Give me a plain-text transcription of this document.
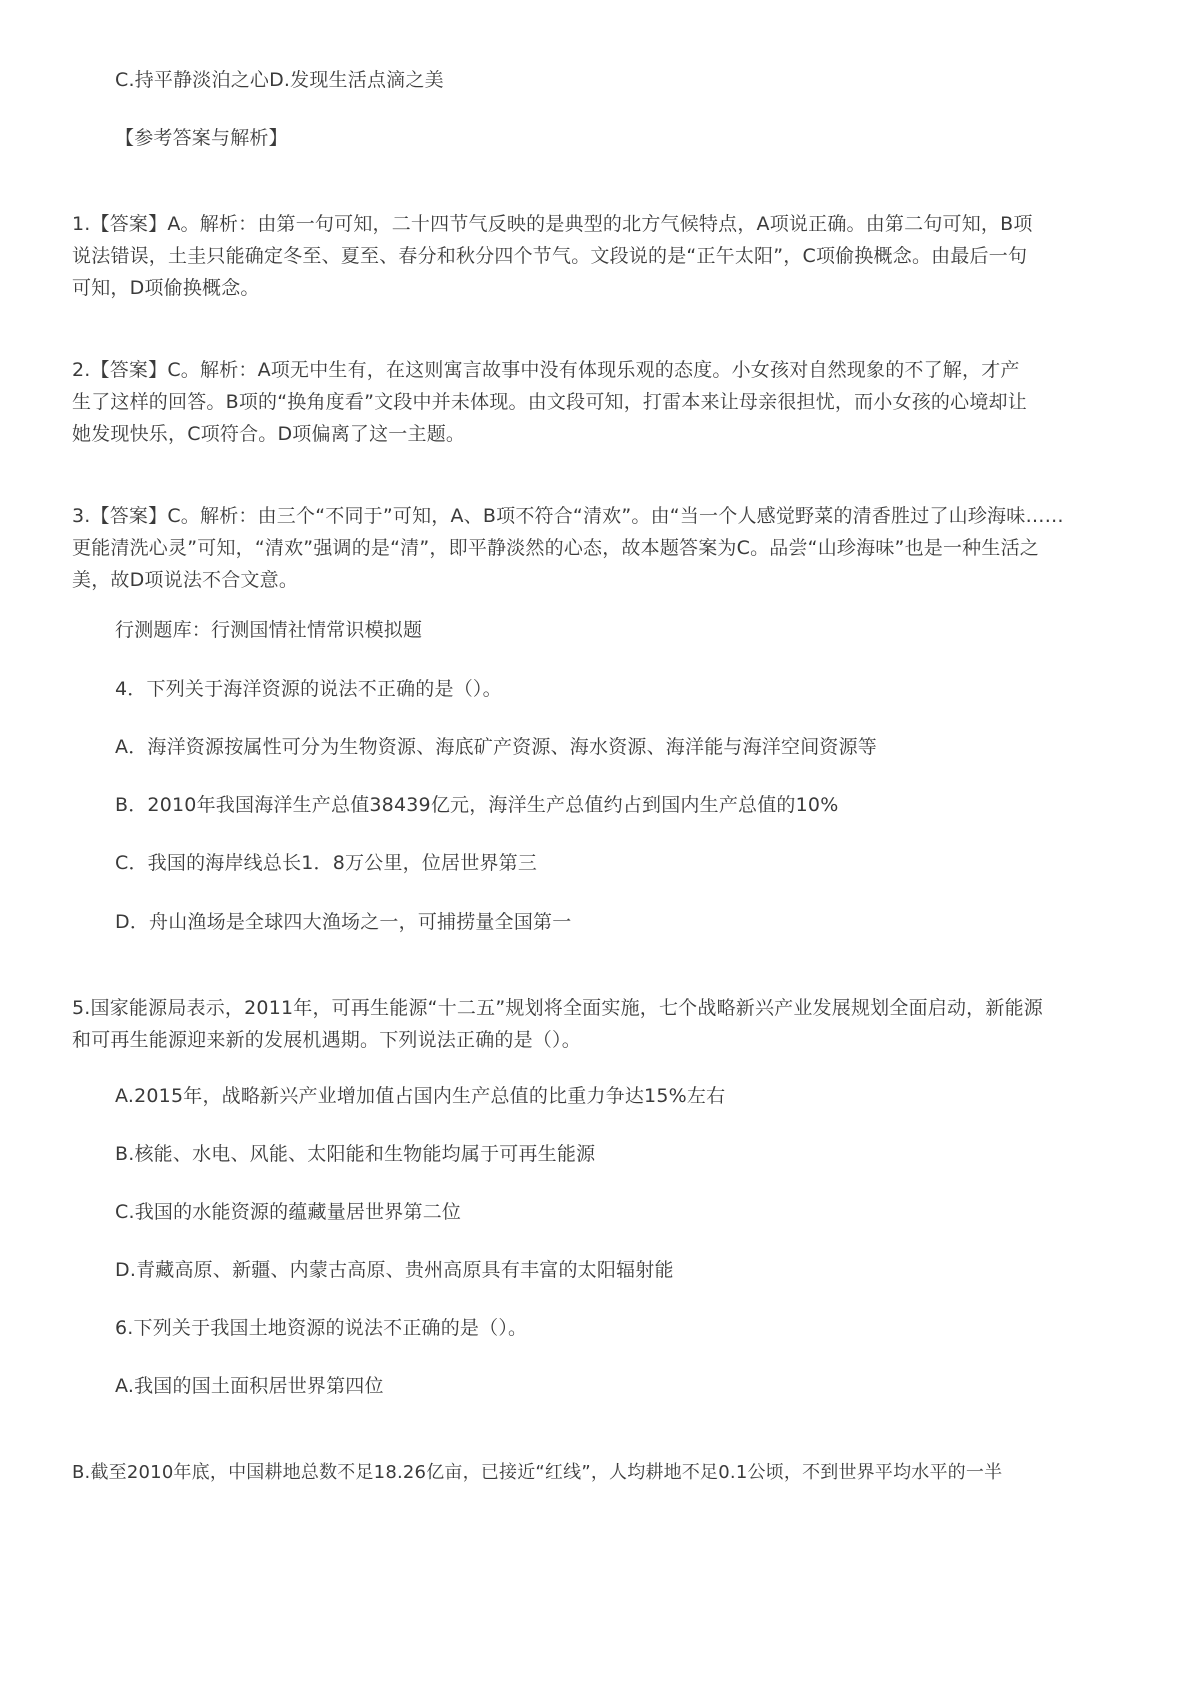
C.持平静淡泊之心D.发现生活点滴之美
【参考答案与解析】
1.【答案】A。解析：由第一句可知，二十四节气反映的是典型的北方气候特点，A项说正确。由第二句可知，B项
说法错误，土圭只能确定冬至、夏至、春分和秋分四个节气。文段说的是“正午太阳”，C项偷换概念。由最后一句
可知，D项偷换概念。
2.【答案】C。解析：A项无中生有，在这则寓言故事中没有体现乐观的态度。小女孩对自然现象的不了解，才产
生了这样的回答。B项的“换角度看”文段中并未体现。由文段可知，打雷本来让母亲很担忧，而小女孩的心境却让
她发现快乐，C项符合。D项偏离了这一主题。
3.【答案】C。解析：由三个“不同于”可知，A、B项不符合“清欢”。由“当一个人感觉野菜的清香胜过了山珍海味……
更能清洗心灵”可知，“清欢”强调的是“清”，即平静淡然的心态，故本题答案为C。品尝“山珍海味”也是一种生活之
美，故D项说法不合文意。
行测题库：行测国情社情常识模拟题
4．下列关于海洋资源的说法不正确的是（）。
A．海洋资源按属性可分为生物资源、海底矿产资源、海水资源、海洋能与海洋空间资源等
B．2010年我国海洋生产总值38439亿元，海洋生产总值约占到国内生产总值的10%
C．我国的海岸线总长1．8万公里，位居世界第三
D．舟山渔场是全球四大渔场之一，可捕捞量全国第一
5.国家能源局表示，2011年，可再生能源“十二五”规划将全面实施，七个战略新兴产业发展规划全面启动，新能源
和可再生能源迎来新的发展机遇期。下列说法正确的是（）。
A.2015年，战略新兴产业增加值占国内生产总值的比重力争达15%左右
B.核能、水电、风能、太阳能和生物能均属于可再生能源
C.我国的水能资源的蕴藏量居世界第二位
D.青藏高原、新疆、内蒙古高原、贵州高原具有丰富的太阳辐射能
6.下列关于我国土地资源的说法不正确的是（）。
A.我国的国土面积居世界第四位
B.截至2010年底，中国耕地总数不足18.26亿亩，已接近“红线”，人均耕地不足0.1公顷，不到世界平均水平的一半
